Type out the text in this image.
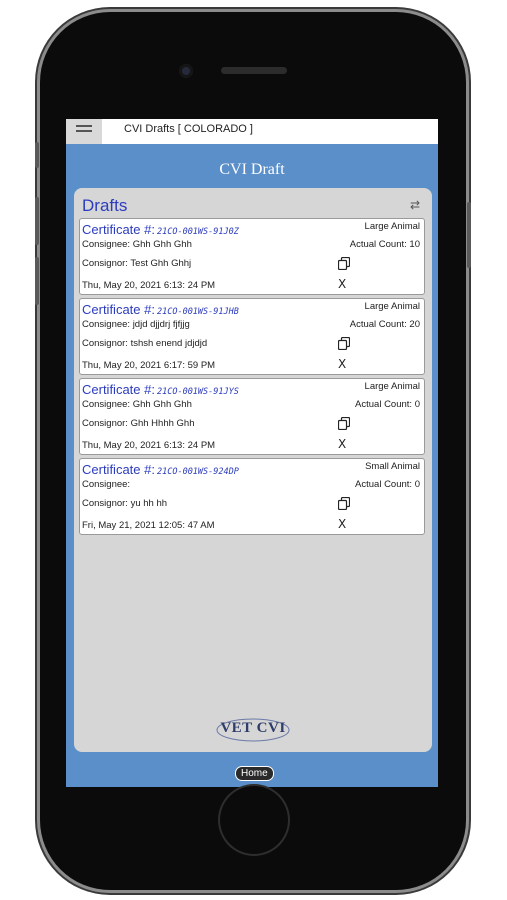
CVI Drafts [ COLORADO ]
CVI Draft
Drafts	⇄
Certificate #: 21CO-001WS-91J0Z	Large Animal
Consignee: Ghh Ghh Ghh	Actual Count: 10
Consignor: Test Ghh Ghhj
Thu, May 20, 2021 6:13: 24 PM	X
Certificate #: 21CO-001WS-91JHB	Large Animal
Consignee: jdjd djjdrj fjfjjg	Actual Count: 20
Consignor: tshsh enend jdjdjd
Thu, May 20, 2021 6:17: 59 PM	X
Certificate #: 21CO-001WS-91JYS	Large Animal
Consignee: Ghh Ghh Ghh	Actual Count: 0
Consignor: Ghh Hhhh Ghh
Thu, May 20, 2021 6:13: 24 PM	X
Certificate #: 21CO-001WS-924DP	Small Animal
Consignee:	Actual Count: 0
Consignor: yu hh hh
Fri, May 21, 2021 12:05: 47 AM	X
VET CVI
Home
